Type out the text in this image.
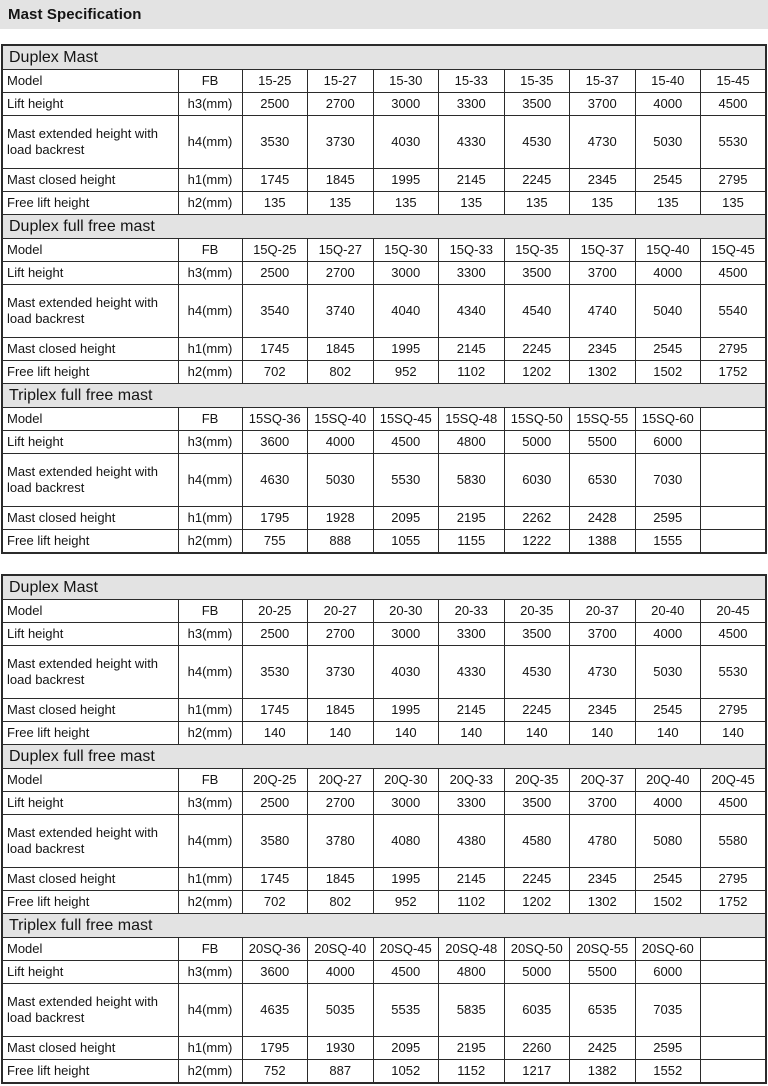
Mast Specification
Duplex Mast									
Model	FB	15-25	15-27	15-30	15-33	15-35	15-37	15-40	15-45
Lift height	h3(mm)	2500	2700	3000	3300	3500	3700	4000	4500
Mast extended height with load backrest	h4(mm)	3530	3730	4030	4330	4530	4730	5030	5530
Mast closed height	h1(mm)	1745	1845	1995	2145	2245	2345	2545	2795
Free lift height	h2(mm)	135	135	135	135	135	135	135	135
Duplex full free mast									
Model	FB	15Q-25	15Q-27	15Q-30	15Q-33	15Q-35	15Q-37	15Q-40	15Q-45
Lift height	h3(mm)	2500	2700	3000	3300	3500	3700	4000	4500
Mast extended height with load backrest	h4(mm)	3540	3740	4040	4340	4540	4740	5040	5540
Mast closed height	h1(mm)	1745	1845	1995	2145	2245	2345	2545	2795
Free lift height	h2(mm)	702	802	952	1102	1202	1302	1502	1752
Triplex full free mast									
Model	FB	15SQ-36	15SQ-40	15SQ-45	15SQ-48	15SQ-50	15SQ-55	15SQ-60	
Lift height	h3(mm)	3600	4000	4500	4800	5000	5500	6000	
Mast extended height with load backrest	h4(mm)	4630	5030	5530	5830	6030	6530	7030	
Mast closed height	h1(mm)	1795	1928	2095	2195	2262	2428	2595	
Free lift height	h2(mm)	755	888	1055	1155	1222	1388	1555	
Duplex Mast									
Model	FB	20-25	20-27	20-30	20-33	20-35	20-37	20-40	20-45
Lift height	h3(mm)	2500	2700	3000	3300	3500	3700	4000	4500
Mast extended height with load backrest	h4(mm)	3530	3730	4030	4330	4530	4730	5030	5530
Mast closed height	h1(mm)	1745	1845	1995	2145	2245	2345	2545	2795
Free lift height	h2(mm)	140	140	140	140	140	140	140	140
Duplex full free mast									
Model	FB	20Q-25	20Q-27	20Q-30	20Q-33	20Q-35	20Q-37	20Q-40	20Q-45
Lift height	h3(mm)	2500	2700	3000	3300	3500	3700	4000	4500
Mast extended height with load backrest	h4(mm)	3580	3780	4080	4380	4580	4780	5080	5580
Mast closed height	h1(mm)	1745	1845	1995	2145	2245	2345	2545	2795
Free lift height	h2(mm)	702	802	952	1102	1202	1302	1502	1752
Triplex full free mast									
Model	FB	20SQ-36	20SQ-40	20SQ-45	20SQ-48	20SQ-50	20SQ-55	20SQ-60	
Lift height	h3(mm)	3600	4000	4500	4800	5000	5500	6000	
Mast extended height with load backrest	h4(mm)	4635	5035	5535	5835	6035	6535	7035	
Mast closed height	h1(mm)	1795	1930	2095	2195	2260	2425	2595	
Free lift height	h2(mm)	752	887	1052	1152	1217	1382	1552	
